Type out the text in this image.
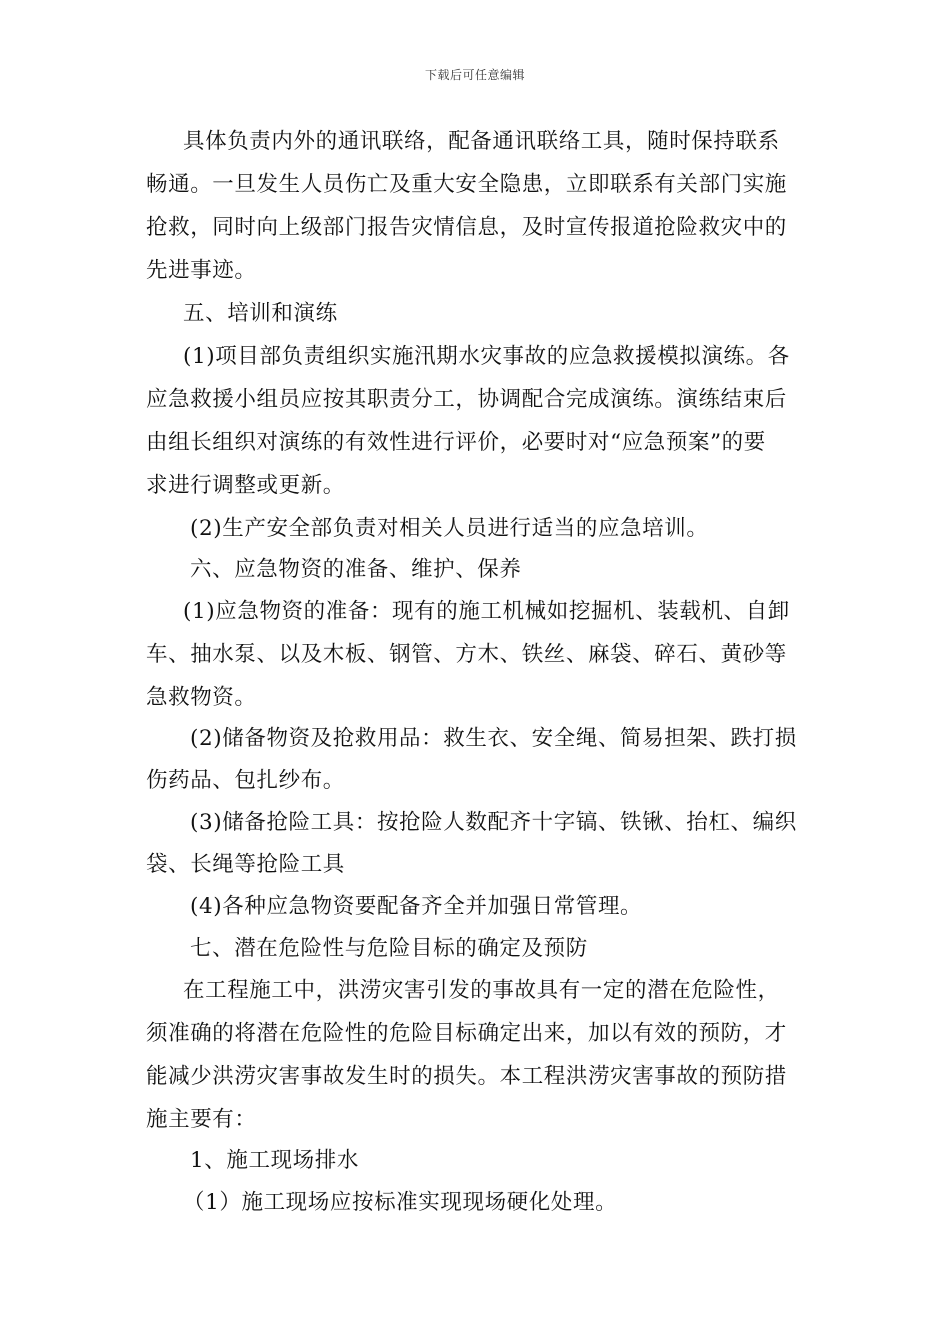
下载后可任意编辑
具体负责内外的通讯联络，配备通讯联络工具，随时保持联系
畅通。一旦发生人员伤亡及重大安全隐患，立即联系有关部门实施
抢救，同时向上级部门报告灾情信息，及时宣传报道抢险救灾中的
先进事迹。
五、培训和演练
(1)项目部负责组织实施汛期水灾事故的应急救援模拟演练。各
应急救援小组员应按其职责分工，协调配合完成演练。演练结束后
由组长组织对演练的有效性进行评价，必要时对“应急预案”的要
求进行调整或更新。
(2)生产安全部负责对相关人员进行适当的应急培训。
六、应急物资的准备、维护、保养
(1)应急物资的准备：现有的施工机械如挖掘机、装载机、自卸
车、抽水泵、以及木板、钢管、方木、铁丝、麻袋、碎石、黄砂等
急救物资。
(2)储备物资及抢救用品：救生衣、安全绳、简易担架、跌打损
伤药品、包扎纱布。
(3)储备抢险工具：按抢险人数配齐十字镐、铁锹、抬杠、编织
袋、长绳等抢险工具
(4)各种应急物资要配备齐全并加强日常管理。
七、潜在危险性与危险目标的确定及预防
在工程施工中，洪涝灾害引发的事故具有一定的潜在危险性，
须准确的将潜在危险性的危险目标确定出来，加以有效的预防，才
能减少洪涝灾害事故发生时的损失。本工程洪涝灾害事故的预防措
施主要有：
1、施工现场排水
（1）施工现场应按标准实现现场硬化处理。
